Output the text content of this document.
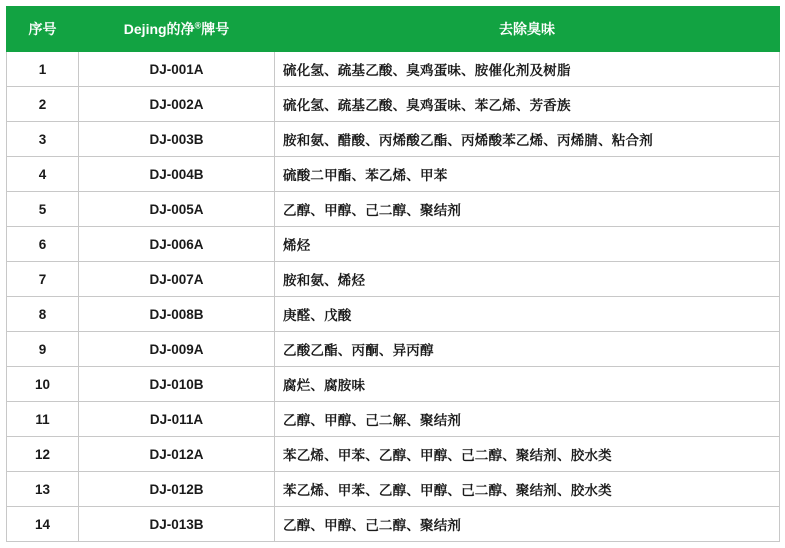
序号	Dejing的净®牌号	去除臭味
1	DJ-001A	硫化氢、疏基乙酸、臭鸡蛋味、胺催化剂及树脂
2	DJ-002A	硫化氢、疏基乙酸、臭鸡蛋味、苯乙烯、芳香族
3	DJ-003B	胺和氨、醋酸、丙烯酸乙酯、丙烯酸苯乙烯、丙烯腈、粘合剂
4	DJ-004B	硫酸二甲酯、苯乙烯、甲苯
5	DJ-005A	乙醇、甲醇、己二醇、聚结剂
6	DJ-006A	烯烃
7	DJ-007A	胺和氨、烯烃
8	DJ-008B	庚醛、戊酸
9	DJ-009A	乙酸乙酯、丙酮、异丙醇
10	DJ-010B	腐烂、腐胺味
11	DJ-011A	乙醇、甲醇、己二解、聚结剂
12	DJ-012A	苯乙烯、甲苯、乙醇、甲醇、己二醇、聚结剂、胶水类
13	DJ-012B	苯乙烯、甲苯、乙醇、甲醇、己二醇、聚结剂、胶水类
14	DJ-013B	乙醇、甲醇、己二醇、聚结剂
